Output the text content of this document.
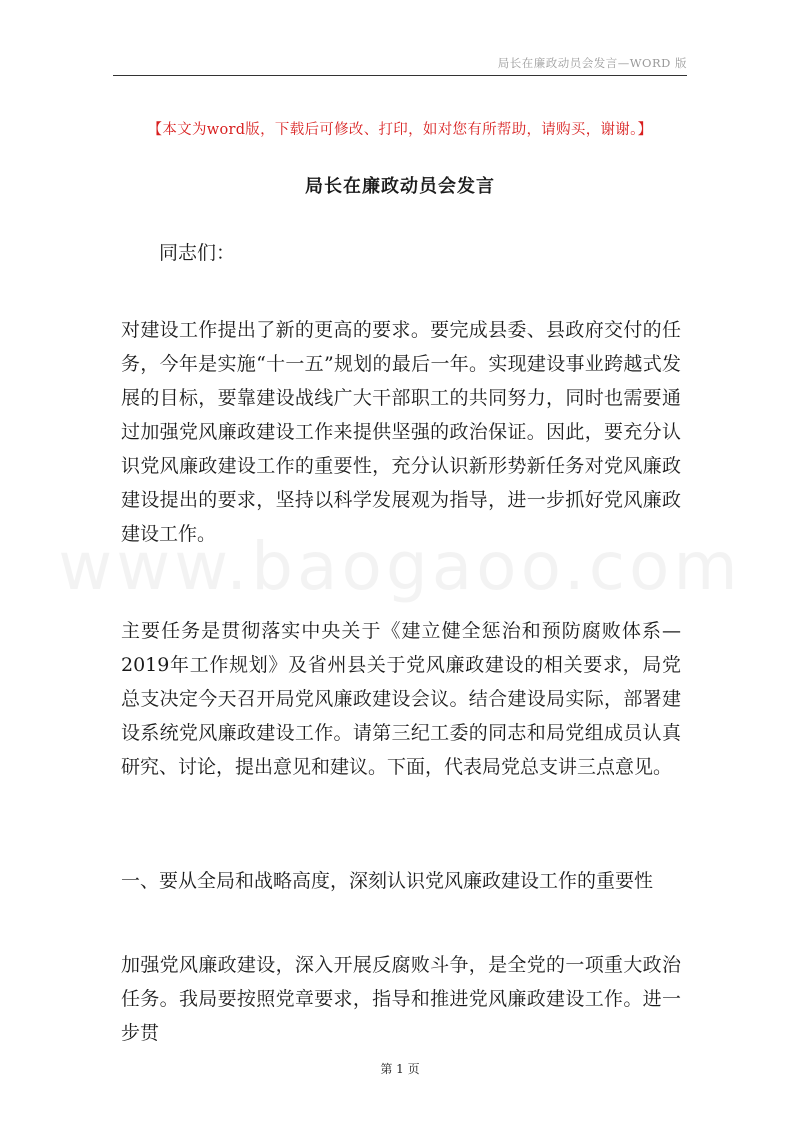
局长在廉政动员会发言—WORD 版
【本文为word版，下载后可修改、打印，如对您有所帮助，请购买，谢谢。】
局长在廉政动员会发言
同志们：

对建设工作提出了新的更高的要求。要完成县委、县政府交付的任务，今年是实施“十一五”规划的最后一年。实现建设事业跨越式发展的目标，要靠建设战线广大干部职工的共同努力，同时也需要通过加强党风廉政建设工作来提供坚强的政治保证。因此，要充分认识党风廉政建设工作的重要性，充分认识新形势新任务对党风廉政建设提出的要求，坚持以科学发展观为指导，进一步抓好党风廉政建设工作。

主要任务是贯彻落实中央关于《建立健全惩治和预防腐败体系—2019年工作规划》及省州县关于党风廉政建设的相关要求，局党总支决定今天召开局党风廉政建设会议。结合建设局实际，部署建设系统党风廉政建设工作。请第三纪工委的同志和局党组成员认真研究、讨论，提出意见和建议。下面，代表局党总支讲三点意见。

一、要从全局和战略高度，深刻认识党风廉政建设工作的重要性

加强党风廉政建设，深入开展反腐败斗争，是全党的一项重大政治任务。我局要按照党章要求，指导和推进党风廉政建设工作。进一步贯

第 1 页
